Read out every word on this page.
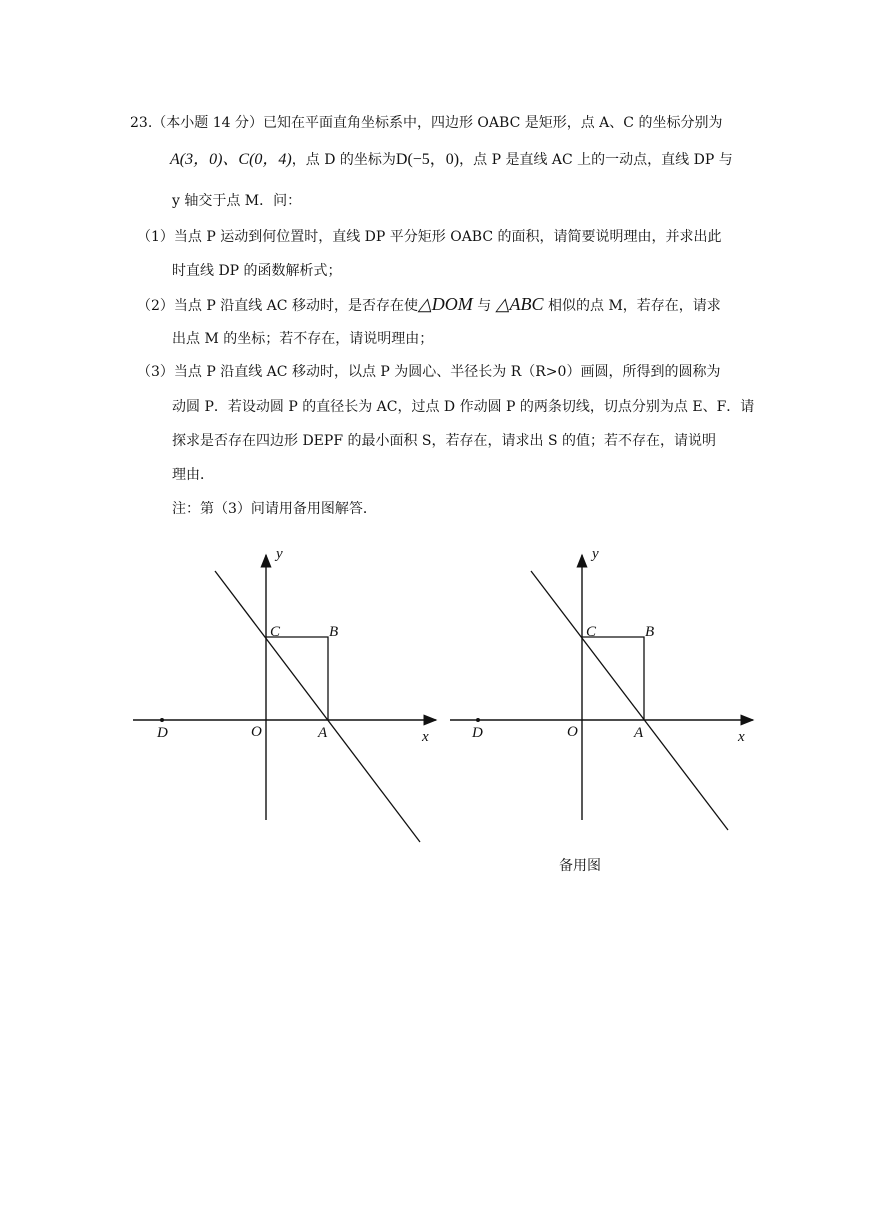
23.（本小题 14 分）已知在平面直角坐标系中，四边形 OABC 是矩形，点 A、C 的坐标分别为
A(3，0)、C(0，4)，点 D 的坐标为D(−5，0)，点 P 是直线 AC 上的一动点，直线 DP 与
y 轴交于点 M．问：
（1）当点 P 运动到何位置时，直线 DP 平分矩形 OABC 的面积，请简要说明理由，并求出此
时直线 DP 的函数解析式；
（2）当点 P 沿直线 AC 移动时，是否存在使△DOM 与 △ABC 相似的点 M，若存在，请求
出点 M 的坐标；若不存在，请说明理由；
（3）当点 P 沿直线 AC 移动时，以点 P 为圆心、半径长为 R（R>0）画圆，所得到的圆称为
动圆 P．若设动圆 P 的直径长为 AC，过点 D 作动圆 P 的两条切线，切点分别为点 E、F．请
探求是否存在四边形 DEPF 的最小面积 S，若存在，请求出 S 的值；若不存在，请说明
理由．
注：第（3）问请用备用图解答．
y
C	B
O	A
D	x
y
C	B
O	A
D	x
备用图
